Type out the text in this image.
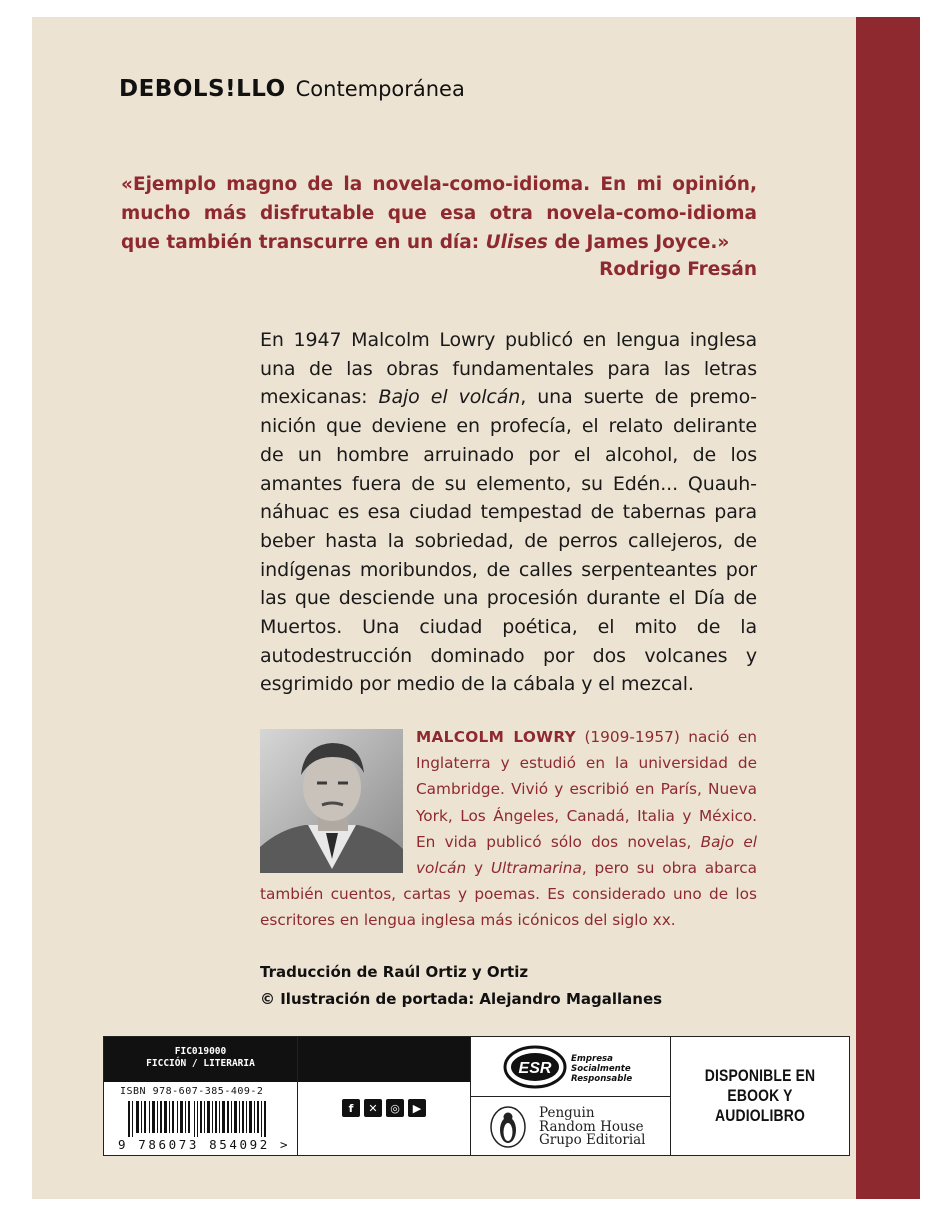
DEBOLS!LLO Contemporánea

«Ejemplo magno de la novela-como-idioma. En mi opinión, mucho más disfrutable que esa otra novela-como-idioma que también transcurre en un día: Ulises de James Joyce.»

Rodrigo Fresán

En 1947 Malcolm Lowry publicó en lengua inglesa una de las obras fundamentales para las letras mexicanas: Bajo el volcán, una suerte de premonición que deviene en profecía, el relato delirante de un hombre arruinado por el alcohol, de los amantes fuera de su elemento, su Edén... Quauhnáhuac es esa ciudad tempestad de tabernas para beber hasta la sobriedad, de perros callejeros, de indígenas moribundos, de calles serpenteantes por las que desciende una procesión durante el Día de Muertos. Una ciudad poética, el mito de la autodestrucción dominado por dos volcanes y esgrimido por medio de la cábala y el mezcal.

MALCOLM LOWRY (1909-1957) nació en Inglaterra y estudió en la universidad de Cambridge. Vivió y escribió en París, Nueva York, Los Ángeles, Canadá, Italia y México. En vida publicó sólo dos novelas, Bajo el volcán y Ultramarina, pero su obra abarca también cuentos, cartas y poemas. Es considerado uno de los escritores en lengua inglesa más icónicos del siglo xx.

Traducción de Raúl Ortiz y Ortiz
© Ilustración de portada: Alejandro Magallanes
FIC019000
FICCIÓN / LITERARIA
ISBN 978-607-385-409-2
9 786073 854092 >
f	✕	◎	▶
ESR
Empresa
Socialmente
Responsable
Penguin
Random House
Grupo Editorial
DISPONIBLE EN
EBOOK Y AUDIOLIBRO
